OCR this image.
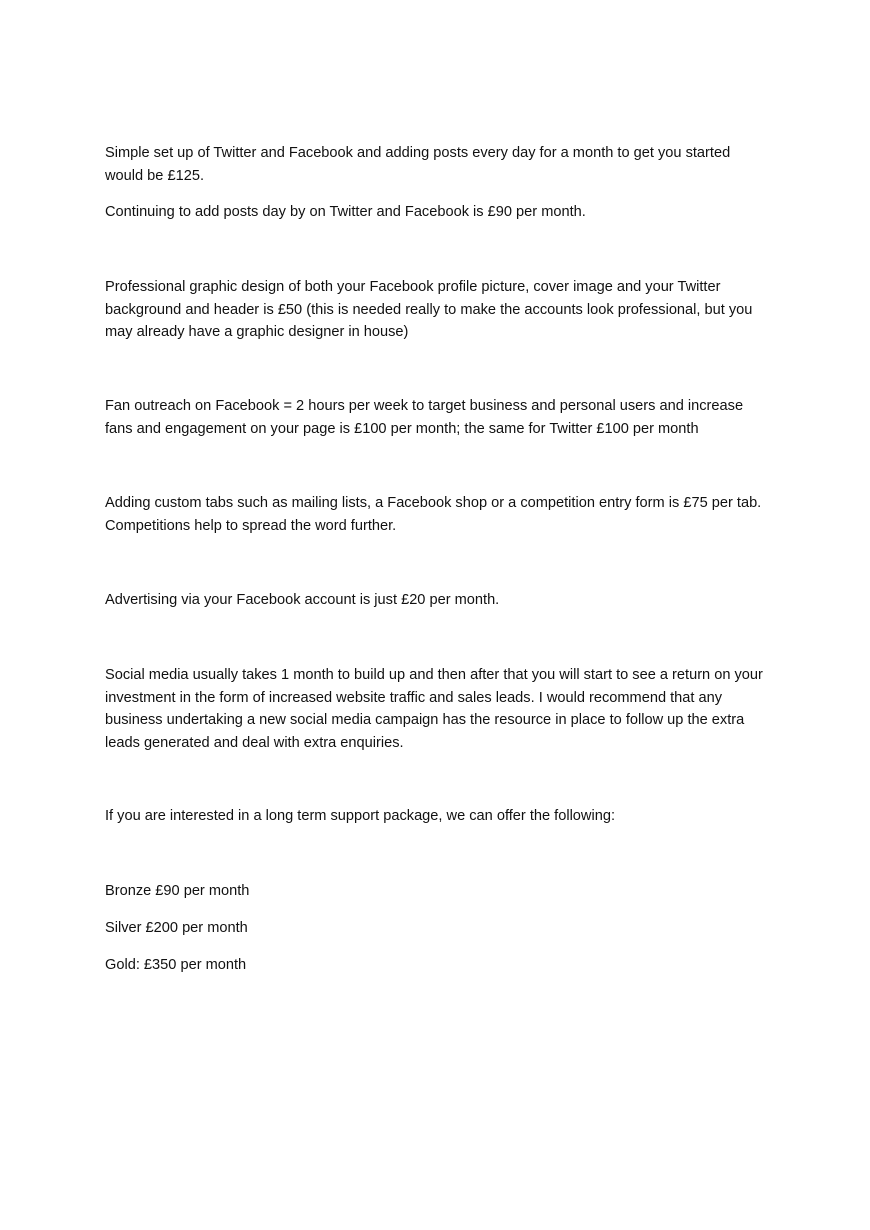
Simple set up of Twitter and Facebook and adding posts every day for a month to get you started would be £125.

Continuing to add posts day by on Twitter and Facebook is £90 per month.

Professional graphic design of both your Facebook profile picture, cover image and your Twitter background and header is £50 (this is needed really to make the accounts look professional, but you may already have a graphic designer in house)

Fan outreach on Facebook = 2 hours per week to target business and personal users and increase fans and engagement on your page is £100 per month; the same for Twitter £100 per month

Adding custom tabs such as mailing lists, a Facebook shop or a competition entry form is £75 per tab. Competitions help to spread the word further.

Advertising via your Facebook account is just £20 per month.

Social media usually takes 1 month to build up and then after that you will start to see a return on your investment in the form of increased website traffic and sales leads. I would recommend that any business undertaking a new social media campaign has the resource in place to follow up the extra leads generated and deal with extra enquiries.

If you are interested in a long term support package, we can offer the following:

Bronze £90 per month

Silver £200 per month

Gold: £350 per month
